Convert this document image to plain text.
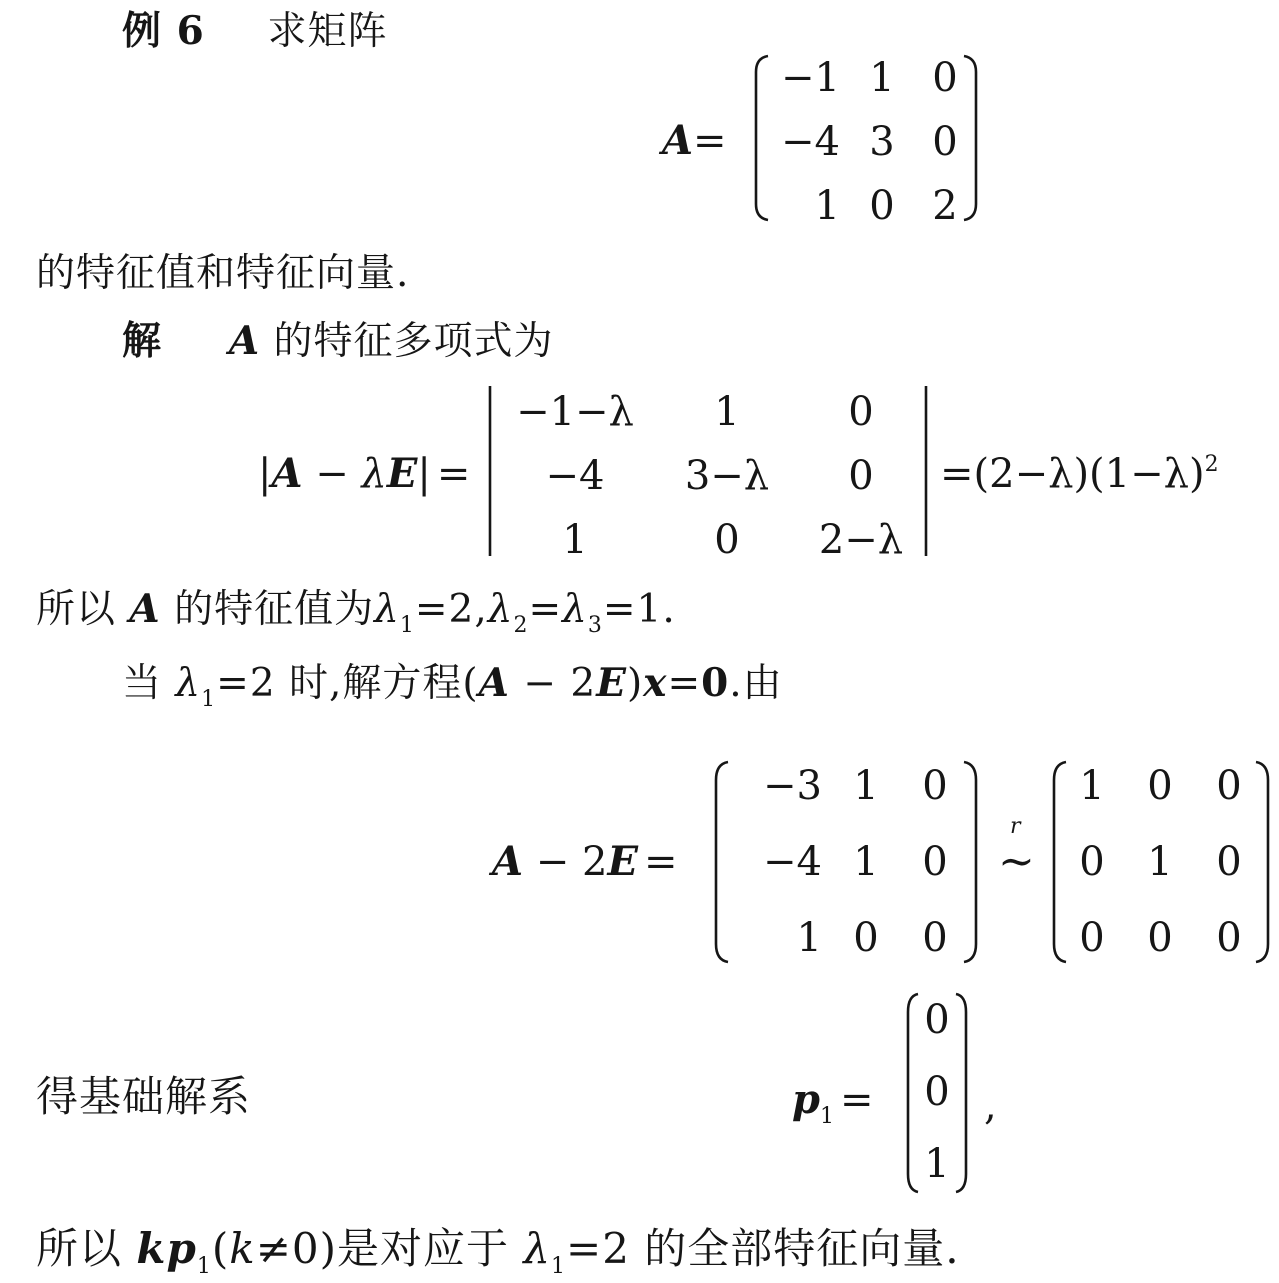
例 6 求矩阵
A=
−1 1 0
−4 3 0
1 0 2
的特征值和特征向量.
解 A 的特征多项式为
|A − λE| =
−1−λ	1	0
−4	3−λ	0
1	0	2−λ
$=(2-\lambda)(1-\lambda)^2$
所以 A 的特征值为$\lambda_1=2,\lambda_2=\lambda_3=1$.
当 $\lambda_1=2$ 时,解方程(A − 2E)x=0.由
A − 2E =
−3 1	0
−4 1	0
1 0	0
r
~
1	0	0
0	1	0
0	0	0
得基础解系	$p_1$ =
0
0
1
,
所以 $kp_1(k\ne 0)$是对应于 $\lambda_1=2$ 的全部特征向量.
